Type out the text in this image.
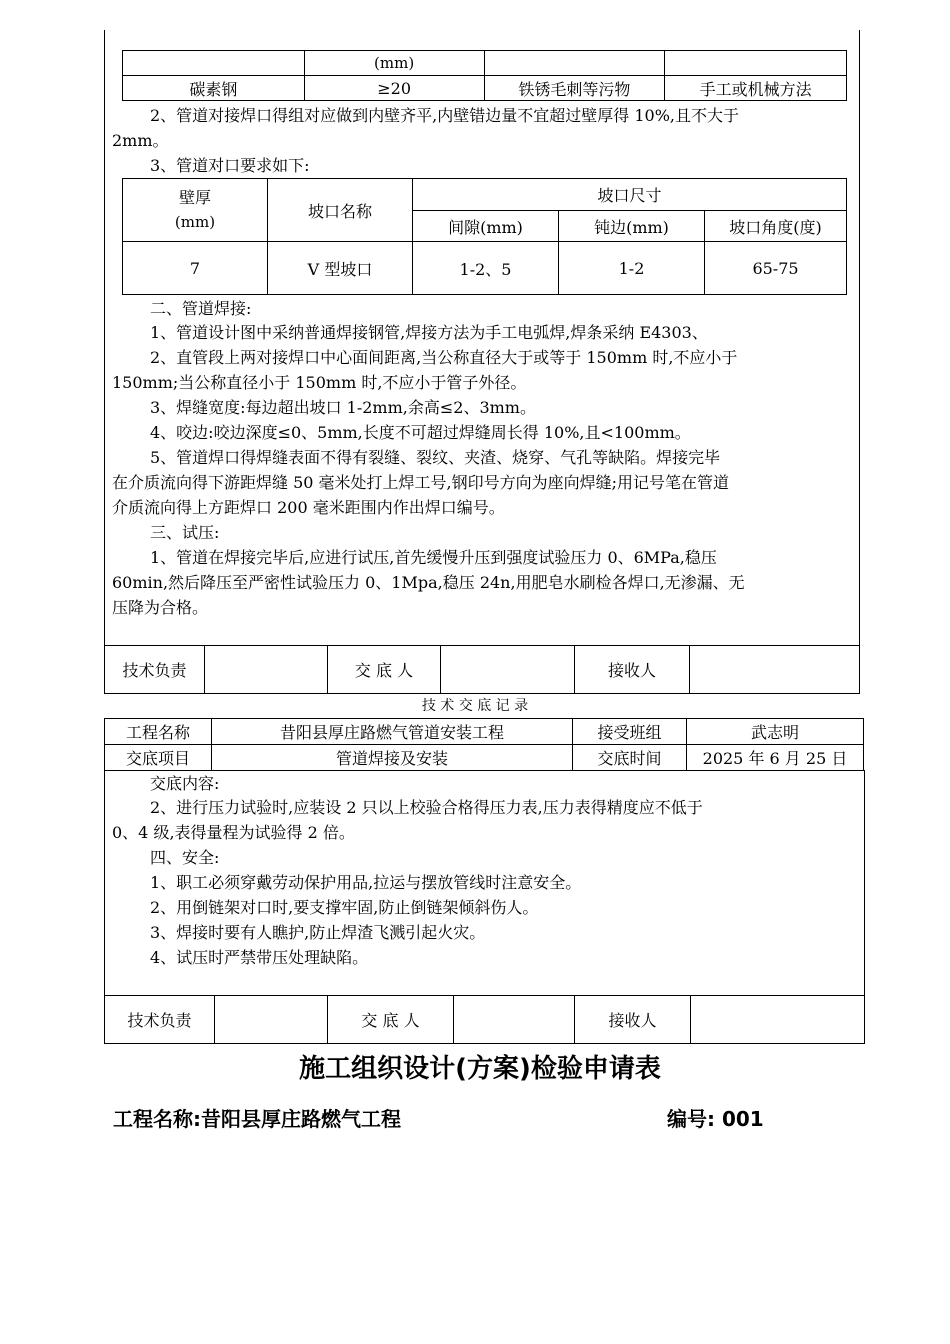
	(mm)		
碳素钢	≥20	铁锈毛刺等污物	手工或机械方法
2、管道对接焊口得组对应做到内壁齐平,内壁错边量不宜超过壁厚得 10%,且不大于
2mm。
3、管道对口要求如下:
壁厚
(mm)	坡口名称	坡口尺寸		
		间隙(mm)	钝边(mm)	坡口角度(度)
7	V 型坡口	1-2、5	1-2	65-75
二、管道焊接:
1、管道设计图中采纳普通焊接钢管,焊接方法为手工电弧焊,焊条采纳 E4303、
2、直管段上两对接焊口中心面间距离,当公称直径大于或等于 150mm 时,不应小于
150mm;当公称直径小于 150mm 时,不应小于管子外径。
3、焊缝宽度:每边超出坡口 1-2mm,余高≤2、3mm。
4、咬边:咬边深度≤0、5mm,长度不可超过焊缝周长得 10%,且<100mm。
5、管道焊口得焊缝表面不得有裂缝、裂纹、夹渣、烧穿、气孔等缺陷。焊接完毕
在介质流向得下游距焊缝 50 毫米处打上焊工号,钢印号方向为座向焊缝;用记号笔在管道
介质流向得上方距焊口 200 毫米距围内作出焊口编号。
三、试压:
1、管道在焊接完毕后,应进行试压,首先缓慢升压到强度试验压力 0、6MPa,稳压
60min,然后降压至严密性试验压力 0、1Mpa,稳压 24n,用肥皂水刷检各焊口,无渗漏、无
压降为合格。
技术负责		交 底 人		接收人	
技 术 交 底 记 录
工程名称	昔阳县厚庄路燃气管道安装工程	接受班组	武志明
交底项目	管道焊接及安装	交底时间	2025 年 6 月 25 日
交底内容:
2、进行压力试验时,应装设 2 只以上校验合格得压力表,压力表得精度应不低于
0、4 级,表得量程为试验得 2 倍。
四、安全:
1、职工必须穿戴劳动保护用品,拉运与摆放管线时注意安全。
2、用倒链架对口时,要支撑牢固,防止倒链架倾斜伤人。
3、焊接时要有人瞧护,防止焊渣飞溅引起火灾。
4、试压时严禁带压处理缺陷。
技术负责		交 底 人		接收人	
施工组织设计(方案)检验申请表
工程名称:昔阳县厚庄路燃气工程	编号: 001
